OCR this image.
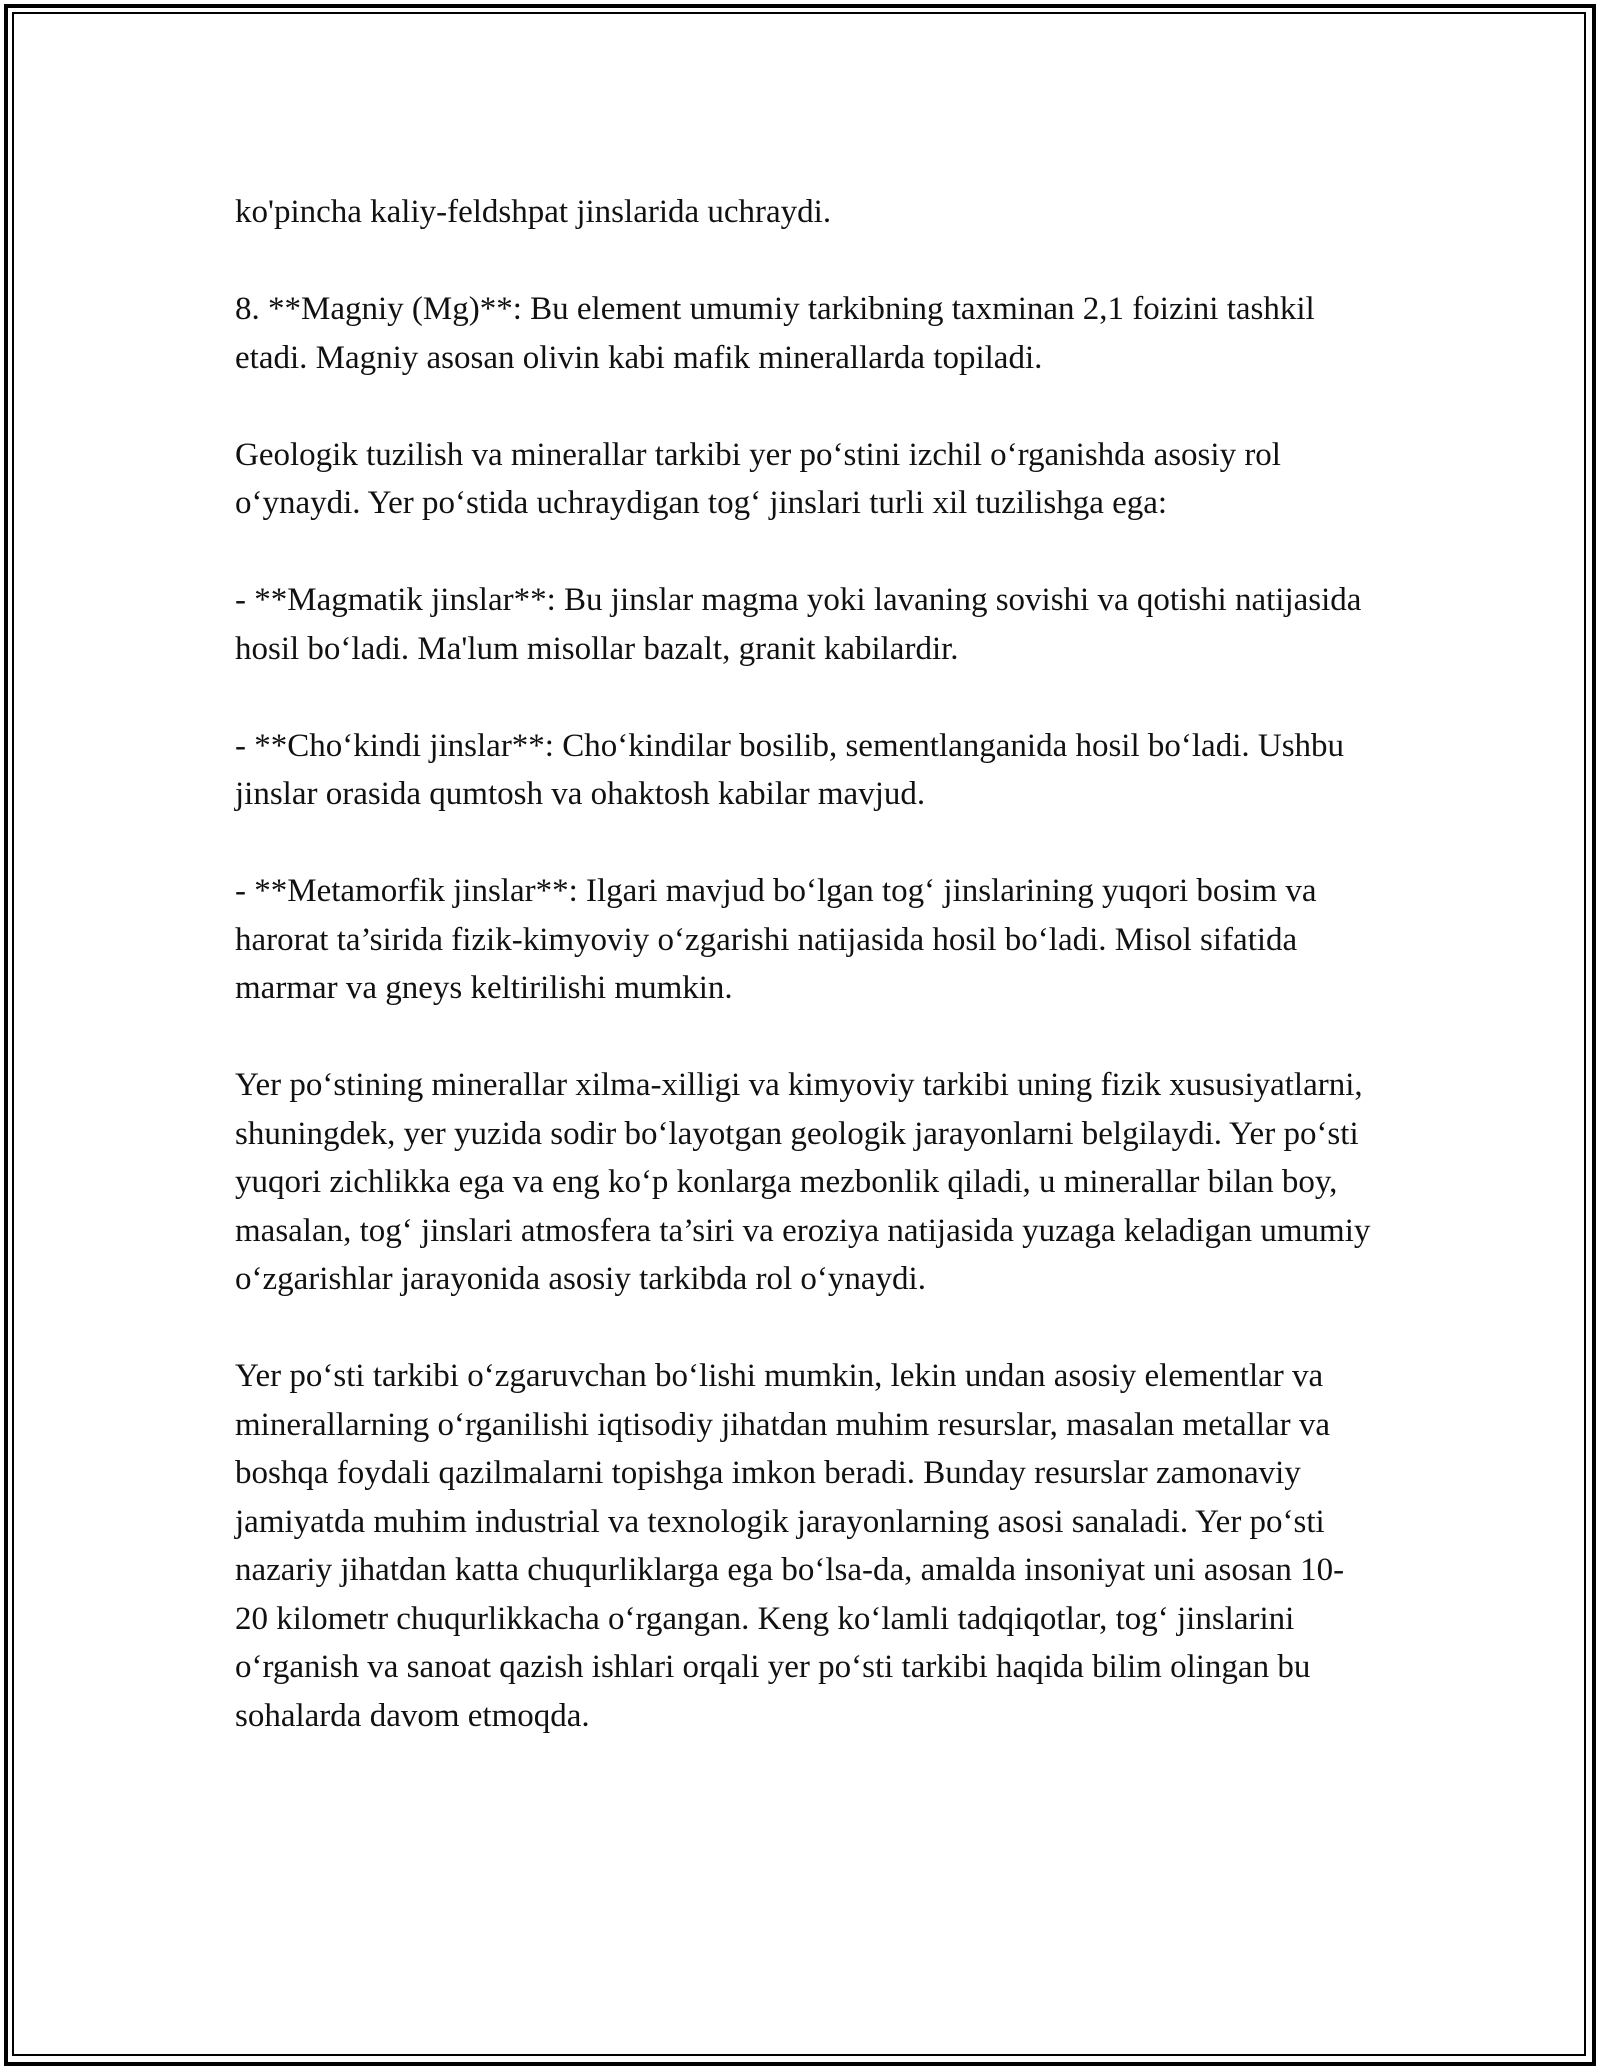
ko'pincha kaliy-feldshpat jinslarida uchraydi.

8. **Magniy (Mg)**: Bu element umumiy tarkibning taxminan 2,1 foizini tashkil etadi. Magniy asosan olivin kabi mafik minerallarda topiladi.

Geologik tuzilish va minerallar tarkibi yer po‘stini izchil o‘rganishda asosiy rol o‘ynaydi. Yer po‘stida uchraydigan tog‘ jinslari turli xil tuzilishga ega:

- **Magmatik jinslar**: Bu jinslar magma yoki lavaning sovishi va qotishi natijasida hosil bo‘ladi. Ma'lum misollar bazalt, granit kabilardir.

- **Cho‘kindi jinslar**: Cho‘kindilar bosilib, sementlanganida hosil bo‘ladi. Ushbu jinslar orasida qumtosh va ohaktosh kabilar mavjud.

- **Metamorfik jinslar**: Ilgari mavjud bo‘lgan tog‘ jinslarining yuqori bosim va harorat ta’sirida fizik-kimyoviy o‘zgarishi natijasida hosil bo‘ladi. Misol sifatida marmar va gneys keltirilishi mumkin.

Yer po‘stining minerallar xilma-xilligi va kimyoviy tarkibi uning fizik xususiyatlarni, shuningdek, yer yuzida sodir bo‘layotgan geologik jarayonlarni belgilaydi. Yer po‘sti yuqori zichlikka ega va eng ko‘p konlarga mezbonlik qiladi, u minerallar bilan boy, masalan, tog‘ jinslari atmosfera ta’siri va eroziya natijasida yuzaga keladigan umumiy o‘zgarishlar jarayonida asosiy tarkibda rol o‘ynaydi.

Yer po‘sti tarkibi o‘zgaruvchan bo‘lishi mumkin, lekin undan asosiy elementlar va minerallarning o‘rganilishi iqtisodiy jihatdan muhim resurslar, masalan metallar va boshqa foydali qazilmalarni topishga imkon beradi. Bunday resurslar zamonaviy jamiyatda muhim industrial va texnologik jarayonlarning asosi sanaladi. Yer po‘sti nazariy jihatdan katta chuqurliklarga ega bo‘lsa-da, amalda insoniyat uni asosan 10-20 kilometr chuqurlikkacha o‘rgangan. Keng ko‘lamli tadqiqotlar, tog‘ jinslarini o‘rganish va sanoat qazish ishlari orqali yer po‘sti tarkibi haqida bilim olingan bu sohalarda davom etmoqda.
